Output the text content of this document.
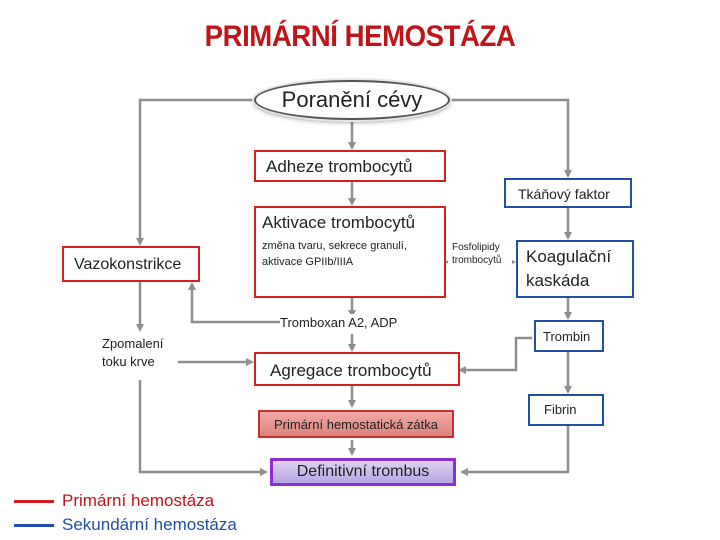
PRIMÁRNÍ HEMOSTÁZA
Poranění cévy
Adheze trombocytů
Tkáňový faktor
Aktivace trombocytů
změna tvaru, sekrece granulí,
aktivace GPIIb/IIIA
Vazokonstrikce
Fosfolipidy
trombocytů Koagulační
kaskáda
Tromboxan A2, ADP
Trombin
Zpomalení
toku krve	Agregace trombocytů
Fibrin
Primární hemostatická zátka
Definitivní trombus
Primární hemostáza
Sekundární hemostáza
